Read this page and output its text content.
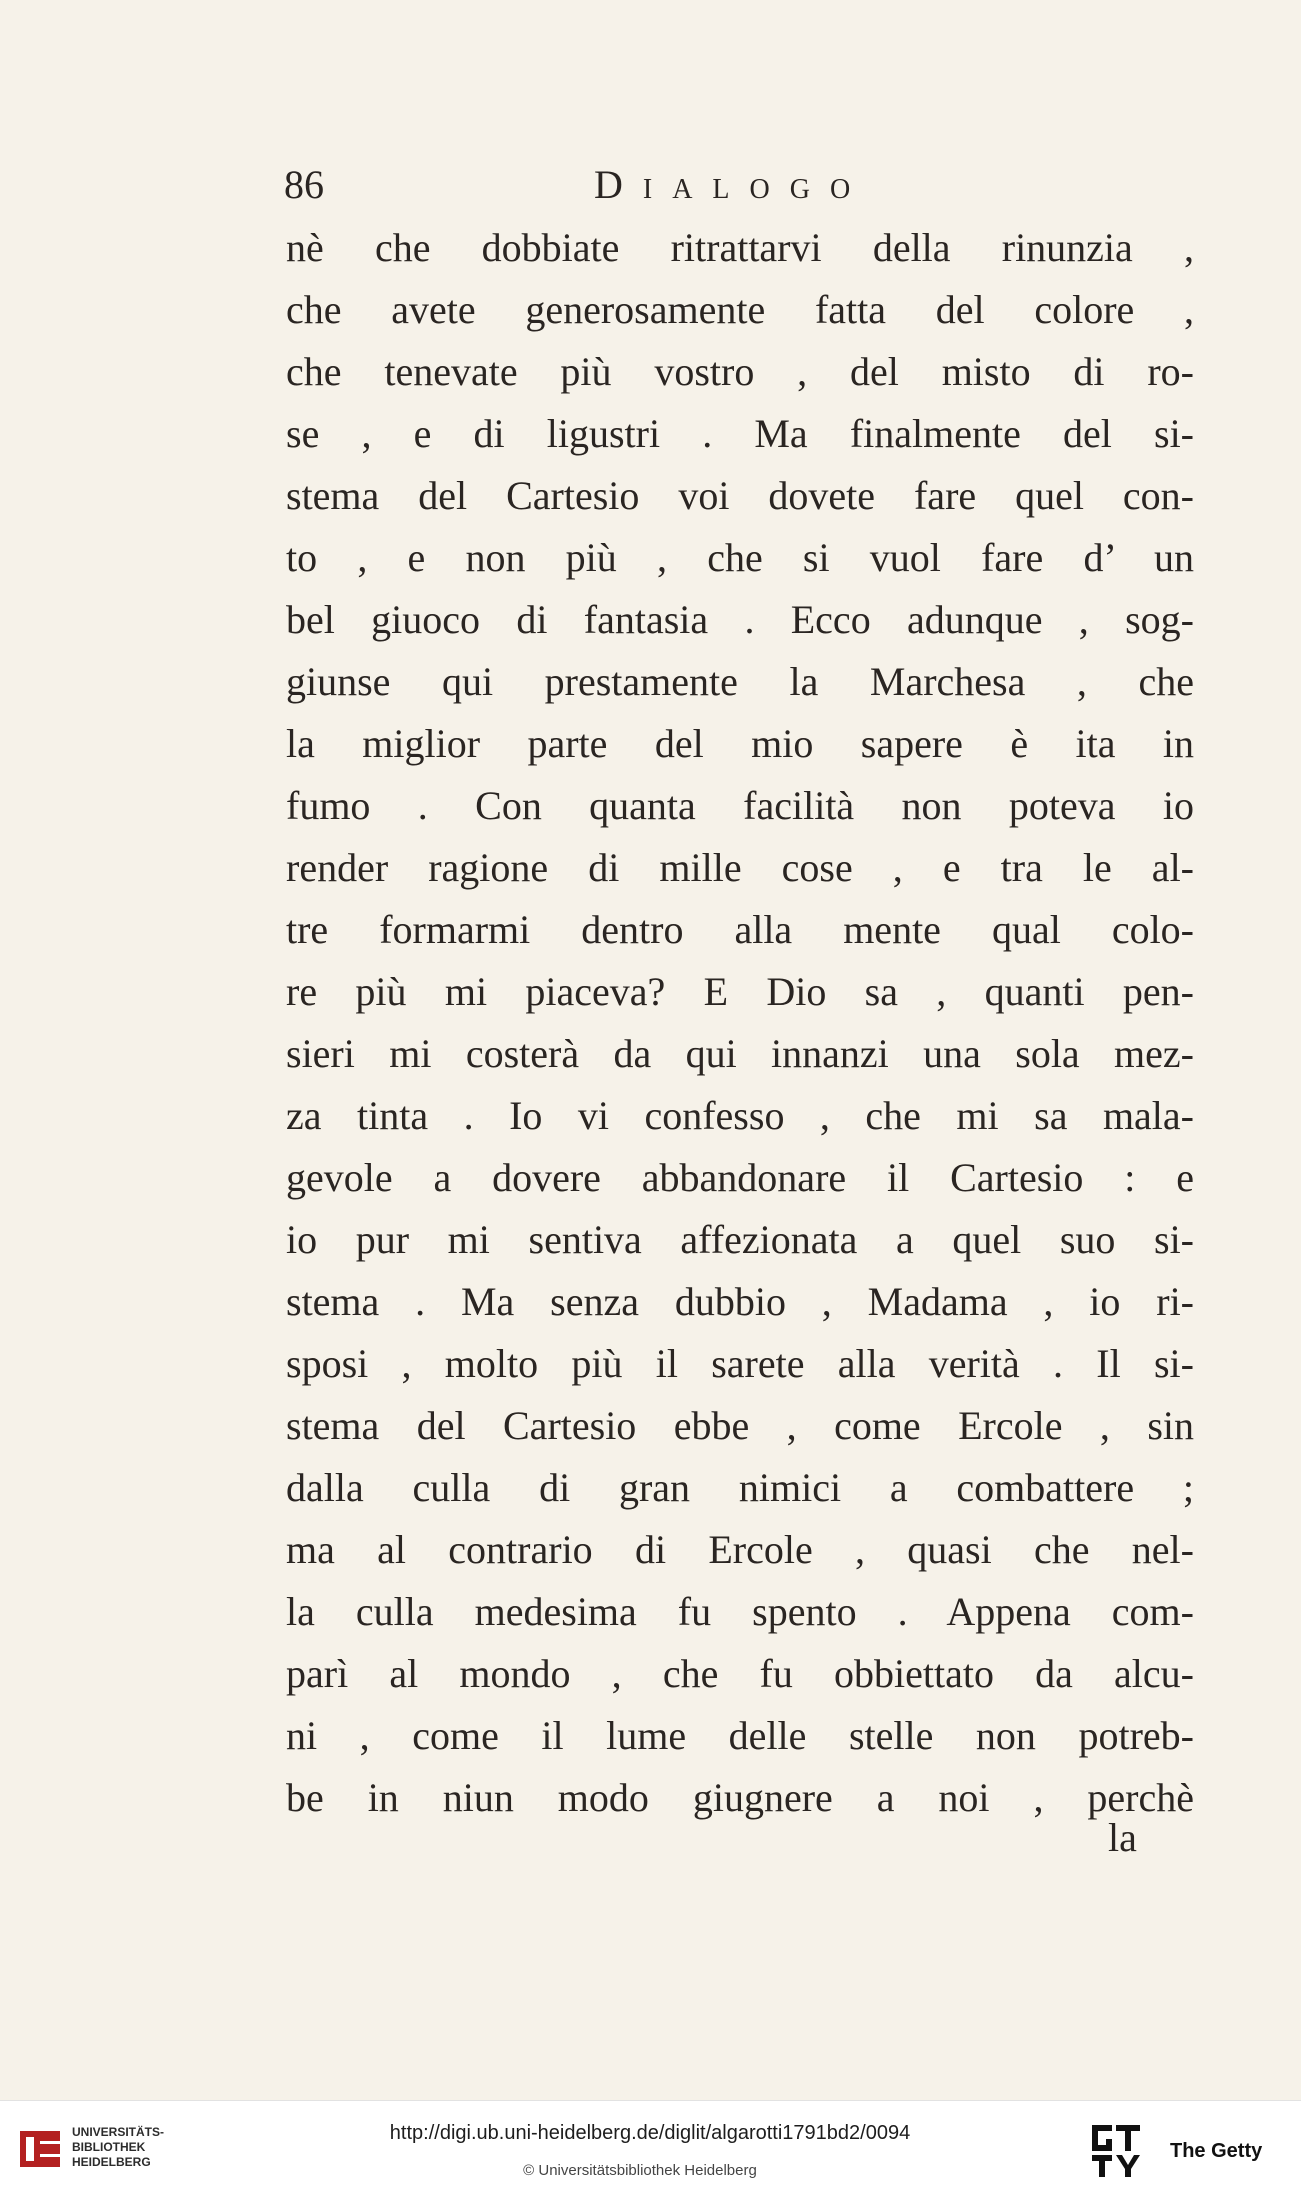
86	Dialogo
nè che dobbiate ritrattarvi della rinunzia ,
che avete generosamente fatta del colore ,
che tenevate più vostro , del misto di ro-
se , e di ligustri . Ma finalmente del si-
stema del Cartesio voi dovete fare quel con-
to , e non più , che si vuol fare d’ un
bel giuoco di fantasia . Ecco adunque , sog-
giunse qui prestamente la Marchesa , che
la miglior parte del mio sapere è ita in
fumo . Con quanta facilità non poteva io
render ragione di mille cose , e tra le al-
tre formarmi dentro alla mente qual colo-
re più mi piaceva? E Dio sa , quanti pen-
sieri mi costerà da qui innanzi una sola mez-
za tinta . Io vi confesso , che mi sa mala-
gevole a dovere abbandonare il Cartesio : e
io pur mi sentiva affezionata a quel suo si-
stema . Ma senza dubbio , Madama , io ri-
sposi , molto più il sarete alla verità . Il si-
stema del Cartesio ebbe , come Ercole , sin
dalla culla di gran nimici a combattere ;
ma al contrario di Ercole , quasi che nel-
la culla medesima fu spento . Appena com-
parì al mondo , che fu obbiettato da alcu-
ni , come il lume delle stelle non potreb-
be in niun modo giugnere a noi , perchè
la
UNIVERSITÄTS-
BIBLIOTHEK
HEIDELBERG
http://digi.ub.uni-heidelberg.de/diglit/algarotti1791bd2/0094
© Universitätsbibliothek Heidelberg
The Getty
